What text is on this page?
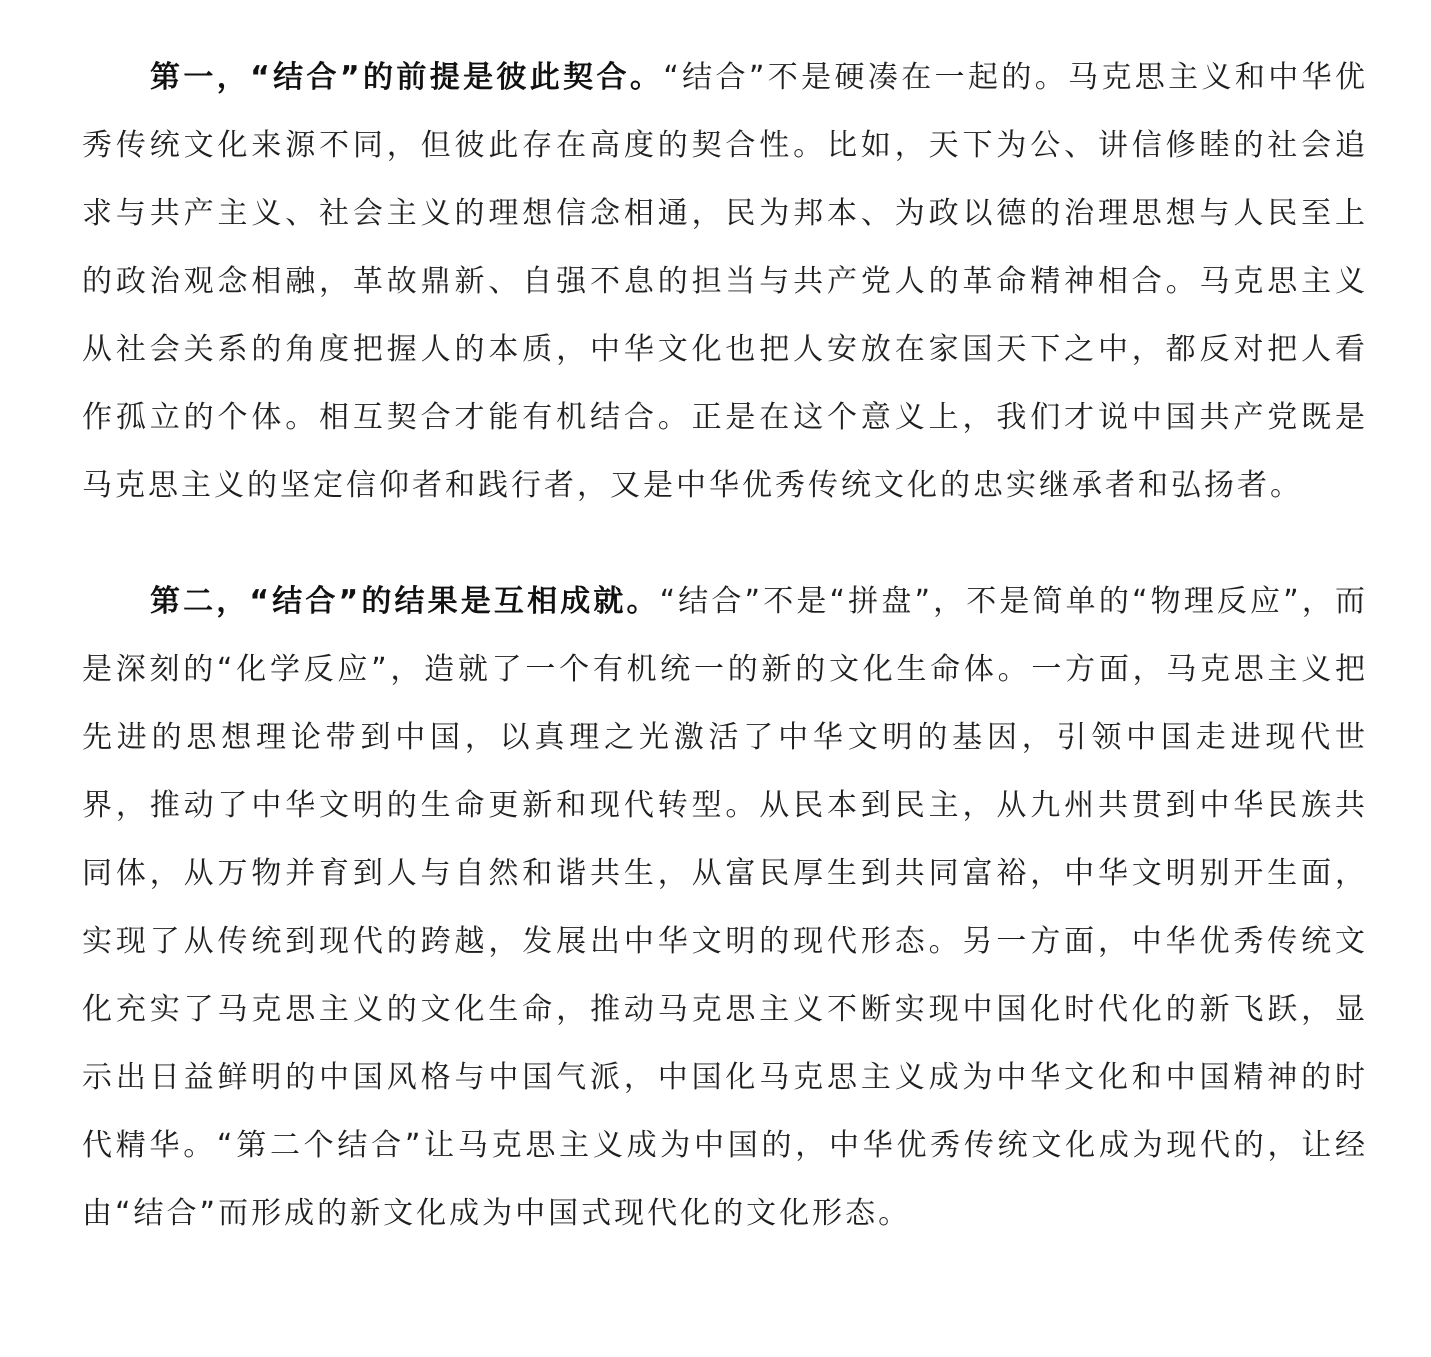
第一，“结合”的前提是彼此契合。“结合”不是硬凑在一起的。马克思主义和中华优秀传统文化来源不同，但彼此存在高度的契合性。比如，天下为公、讲信修睦的社会追求与共产主义、社会主义的理想信念相通，民为邦本、为政以德的治理思想与人民至上的政治观念相融，革故鼎新、自强不息的担当与共产党人的革命精神相合。马克思主义从社会关系的角度把握人的本质，中华文化也把人安放在家国天下之中，都反对把人看作孤立的个体。相互契合才能有机结合。正是在这个意义上，我们才说中国共产党既是马克思主义的坚定信仰者和践行者，又是中华优秀传统文化的忠实继承者和弘扬者。

第二，“结合”的结果是互相成就。“结合”不是“拼盘”，不是简单的“物理反应”，而是深刻的“化学反应”，造就了一个有机统一的新的文化生命体。一方面，马克思主义把先进的思想理论带到中国，以真理之光激活了中华文明的基因，引领中国走进现代世界，推动了中华文明的生命更新和现代转型。从民本到民主，从九州共贯到中华民族共同体，从万物并育到人与自然和谐共生，从富民厚生到共同富裕，中华文明别开生面，实现了从传统到现代的跨越，发展出中华文明的现代形态。另一方面，中华优秀传统文化充实了马克思主义的文化生命，推动马克思主义不断实现中国化时代化的新飞跃，显示出日益鲜明的中国风格与中国气派，中国化马克思主义成为中华文化和中国精神的时代精华。“第二个结合”让马克思主义成为中国的，中华优秀传统文化成为现代的，让经由“结合”而形成的新文化成为中国式现代化的文化形态。
